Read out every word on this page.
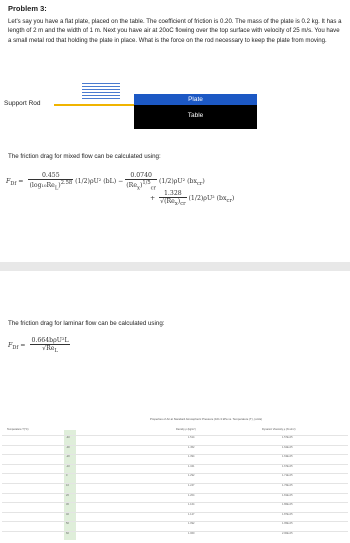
Problem 3:
Let's say you have a flat plate, placed on the table. The coefficient of friction is 0.20. The mass of the plate is 0.2 kg. It has a length of 2 m and the width of 1 m. Next you have air at 20oC flowing over the top surface with velocity of 25 m/s. You have a small metal rod that holding the plate in place. What is the force on the rod necessary to keep the plate from moving.
Support Rod
Plate
Table
The friction drag for mixed flow can be calculated using:
$F_{Df} = \frac{0.455}{(\log_{10}Re_L)^{2.58}} (1/2)\rho U^2$ $(bL) - \frac{0.0740}{(Re_x)^{1/5}_{cr}} (1/2)\rho U^2$ $(bx_{cr})$
+ $\frac{1.328}{√(Re_x)_{cr}} (1/2)\rho U^2$ $(bx_{cr})$
The friction drag for laminar flow can be calculated using:
$F_{Df} = \frac{\text{0.664bρU²L}}{√Re_L}$
Properties of Air at Standard Atmospheric Pressure (101.3 kPa vs. Temperature (T), (units)
Temperature T(°C)	Density ρ (kg/m³)	Dynamic Viscosity μ (N·s/m²)
-40	1.514	1.57E-05
-30	1.452	1.62E-05
-20	1.394	1.63E-05
-10	1.341	1.67E-05
0	1.292	1.71E-05
10	1.247	1.76E-05
20	1.204	1.81E-05
30	1.164	1.86E-05
40	1.127	1.87E-05
50	1.092	1.95E-05
60	1.060	2.00E-05
